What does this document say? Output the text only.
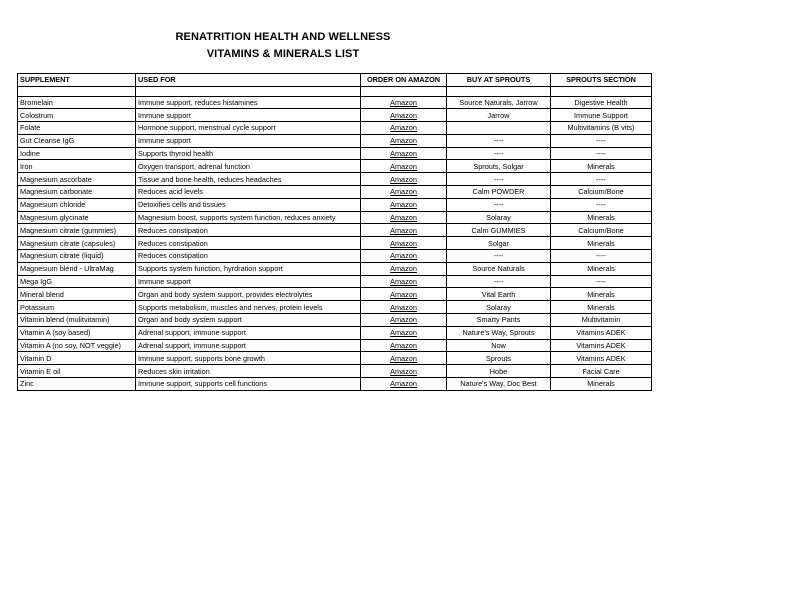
RENATRITION HEALTH AND WELLNESS
VITAMINS & MINERALS LIST
SUPPLEMENT	USED FOR	ORDER ON AMAZON	BUY AT SPROUTS	SPROUTS SECTION

Bromelain	Immune support, reduces histamines	Amazon	Source Naturals, Jarrow	Digestive Health
Colostrum	Immune support	Amazon	Jarrow	Immune Support
Folate	Hormone support, menstrual cycle support	Amazon		Multivitamins (B vits)
Gut Cleanse IgG	Immune support	Amazon	----	----
Iodine	Supports thyroid health	Amazon	----	----
Iron	Oxygen transport, adrenal function	Amazon	Sprouts, Solgar	Minerals
Magnesium ascorbate	Tissue and bone health, reduces headaches	Amazon	----	----
Magnesium carbonate	Reduces acid levels	Amazon	Calm POWDER	Calcium/Bone
Magnesium chloride	Detoxifies cells and tissues	Amazon	----	----
Magnesium glycinate	Magnesium boost, supports system function, reduces anxiety	Amazon	Solaray	Minerals
Magnesium citrate (gummies)	Reduces constipation	Amazon	Calm GUMMIES	Calcium/Bone
Magnesium citrate (capsules)	Reduces constipation	Amazon	Solgar	Minerals
Magnesium citrate (liquid)	Reduces constipation	Amazon	----	----
Magnesium blend - UltraMag	Supports system function, hyrdration support	Amazon	Source Naturals	Minerals
Mega IgG	Immune support	Amazon	----	----
Mineral blend	Organ and body system support, provides electrolytes	Amazon	Vital Earth	Minerals
Potassium	Supports metabolism, muscles and nerves, protein levels	Amazon	Solaray	Minerals
Vitamin blend (mulitvitamin)	Organ and body system support	Amazon	Smarty Pants	Multivitamin
Vitamin A (soy based)	Adrenal support, immune support	Amazon	Nature's Way, Sprouts	Vitamins ADEK
Vitamin A (no soy, NOT veggie)	Adrenal support, immune support	Amazon	Now	Vitamins ADEK
Vitamin D	Immune support, supports bone growth	Amazon	Sprouts	Vitamins ADEK
Vitamin E oil	Reduces skin irritation	Amazon	Hobe	Facial Care
Zinc	Immune support, supports cell functions	Amazon	Nature's Way, Doc Best	Minerals
